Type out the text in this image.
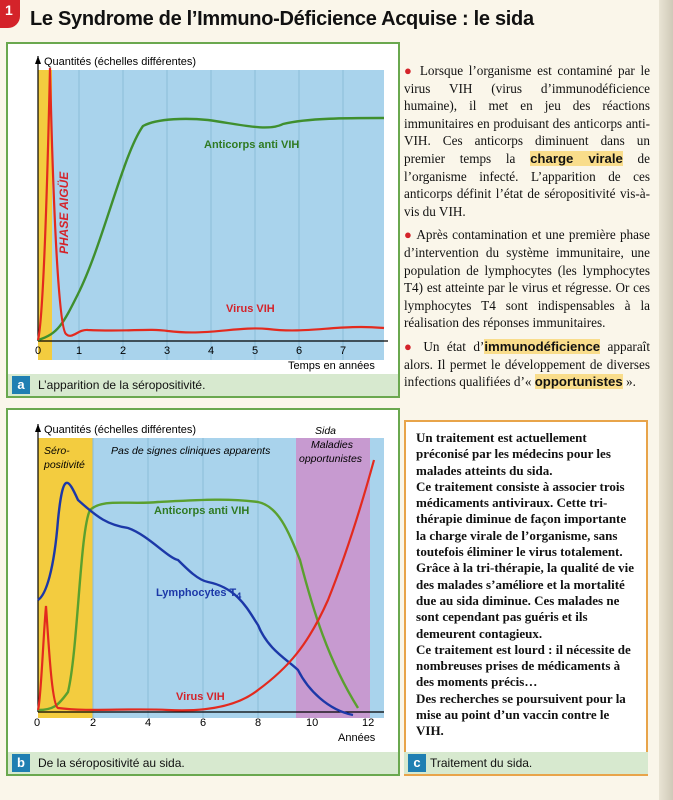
1 Le Syndrome de l’Immuno-Déficience Acquise : le sida
Quantités (échelles différentes)
PHASE AIGÜE
Anticorps anti VIH
Virus VIH
0	1	2	3	4	5	6	7
Temps en années
a	L’apparition de la séropositivité.
Quantités (échelles différentes)
Séro-
positivité
Pas de signes cliniques apparents
Sida
Maladies
opportunistes
Anticorps anti VIH
Lymphocytes $T_4$
Virus VIH
0	2	4	6	8	10	12
Années
b	De la séropositivité au sida.

● Lorsque l’organisme est contaminé par le virus VIH (virus d’immunodéficience humaine), il met en jeu des réactions immunitaires en produisant des anticorps anti-VIH. Ces anticorps diminuent dans un premier temps la charge virale de l’organisme infecté. L’apparition de ces anticorps définit l’état de séropositivité vis-à-vis du VIH.

● Après contamination et une première phase d’intervention du système immunitaire, une population de lymphocytes (les lymphocytes T4) est atteinte par le virus et régresse. Or ces lymphocytes T4 sont indispensables à la réalisation des réponses immunitaires.

● Un état d’immunodéficience apparaît alors. Il permet le développement de diverses infections qualifiées d’« opportunistes ».

Un traitement est actuellement préconisé par les médecins pour les malades atteints du sida.

Ce traitement consiste à associer trois médicaments antiviraux. Cette tri-thérapie diminue de façon importante la charge virale de l’organisme, sans toutefois éliminer le virus totalement.

Grâce à la tri-thérapie, la qualité de vie des malades s’améliore et la mortalité due au sida diminue. Ces malades ne sont cependant pas guéris et ils demeurent contagieux.

Ce traitement est lourd : il nécessite de nombreuses prises de médicaments à des moments précis…

Des recherches se poursuivent pour la mise au point d’un vaccin contre le VIH.

c Traitement du sida.
